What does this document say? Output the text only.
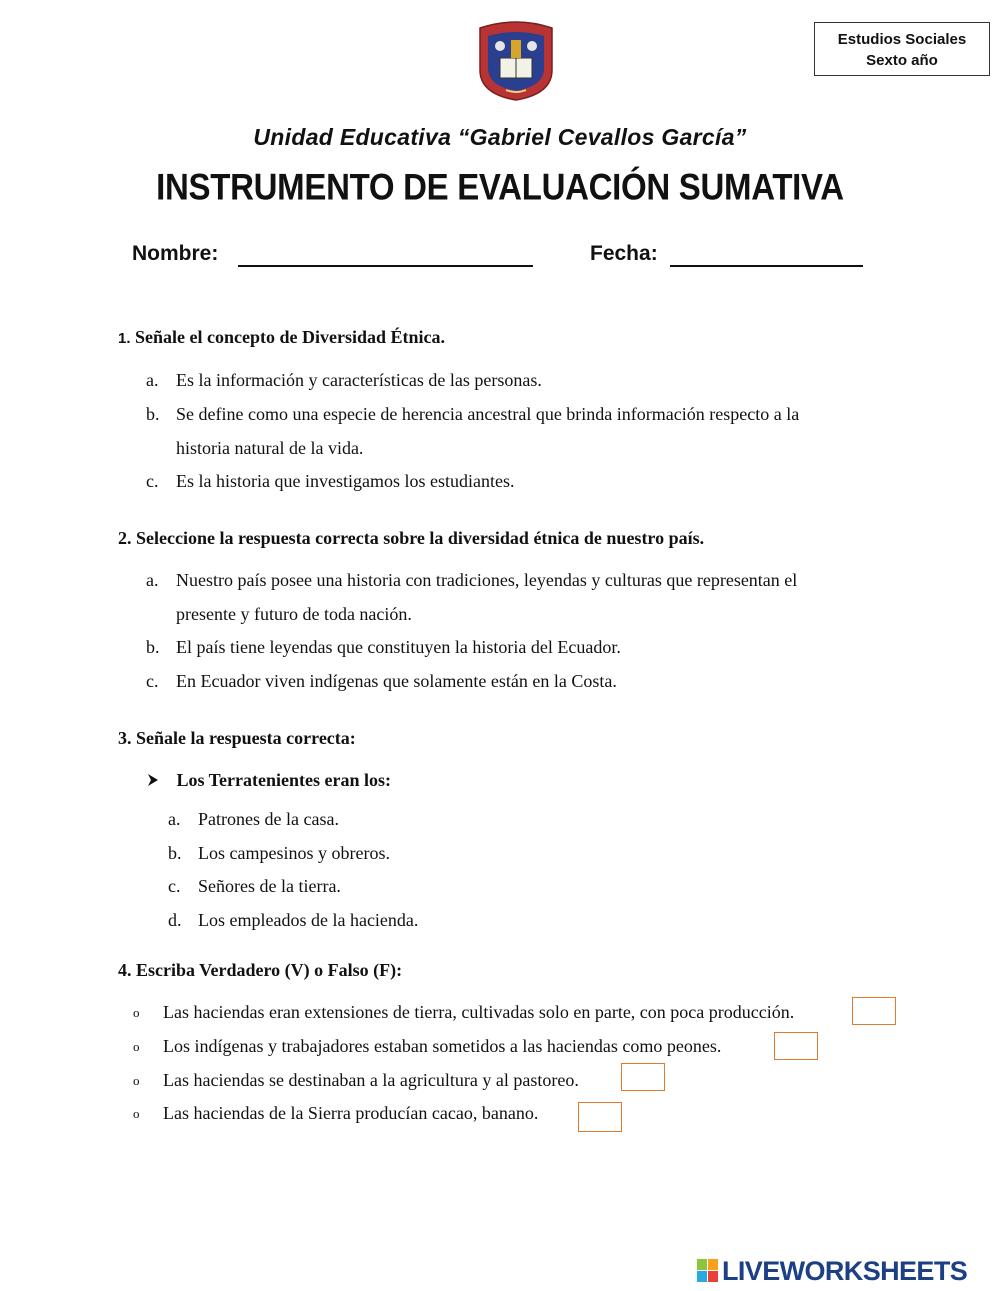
Estudios Sociales
Sexto año
Unidad Educativa “Gabriel Cevallos García”
INSTRUMENTO DE EVALUACIÓN SUMATIVA
Nombre:	Fecha:
1. Señale el concepto de Diversidad Étnica.
a. Es la información y características de las personas.
b. Se define como una especie de herencia ancestral que brinda información respecto a la
historia natural de la vida.
c. Es la historia que investigamos los estudiantes.
2. Seleccione la respuesta correcta sobre la diversidad étnica de nuestro país.
a. Nuestro país posee una historia con tradiciones, leyendas y culturas que representan el
presente y futuro de toda nación.
b. El país tiene leyendas que constituyen la historia del Ecuador.
c. En Ecuador viven indígenas que solamente están en la Costa.
3. Señale la respuesta correcta:
Los Terratenientes eran los:
a. Patrones de la casa.
b. Los campesinos y obreros.
c. Señores de la tierra.
d. Los empleados de la hacienda.
4. Escriba Verdadero (V) o Falso (F):
o Las haciendas eran extensiones de tierra, cultivadas solo en parte, con poca producción.
o Los indígenas y trabajadores estaban sometidos a las haciendas como peones.
o Las haciendas se destinaban a la agricultura y al pastoreo.
o Las haciendas de la Sierra producían cacao, banano.
LIVEWORKSHEETS
